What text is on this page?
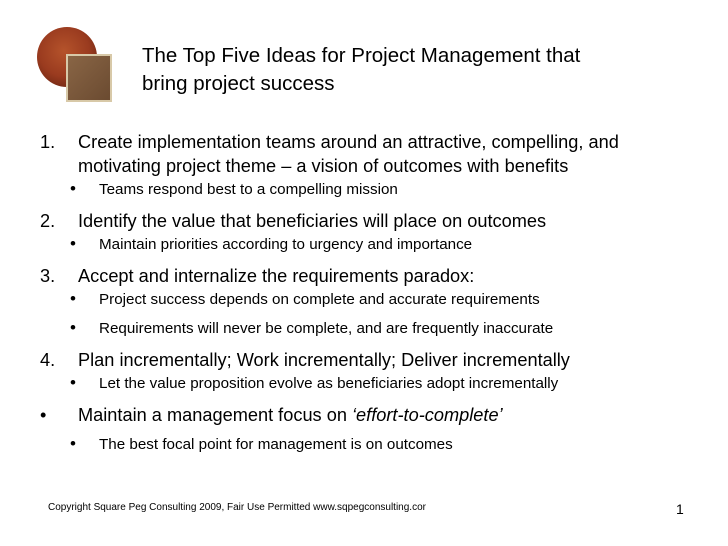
The Top Five Ideas for Project Management that
bring project success
1.	Create implementation teams around an attractive, compelling, and
motivating project theme – a vision of outcomes with benefits
• Teams respond best to a compelling mission
2.	Identify the value that beneficiaries will place on outcomes
• Maintain priorities according to urgency and importance
3.	Accept and internalize the requirements paradox:
• Project success depends on complete and accurate requirements
• Requirements will never be complete, and are frequently inaccurate
4.	Plan incrementally; Work incrementally; Deliver incrementally
• Let the value proposition evolve as beneficiaries adopt incrementally
•	Maintain a management focus on ‘effort-to-complete’
• The best focal point for management is on outcomes
Copyright Square Peg Consulting 2009, Fair Use Permitted www.sqpegconsulting.cor	1
